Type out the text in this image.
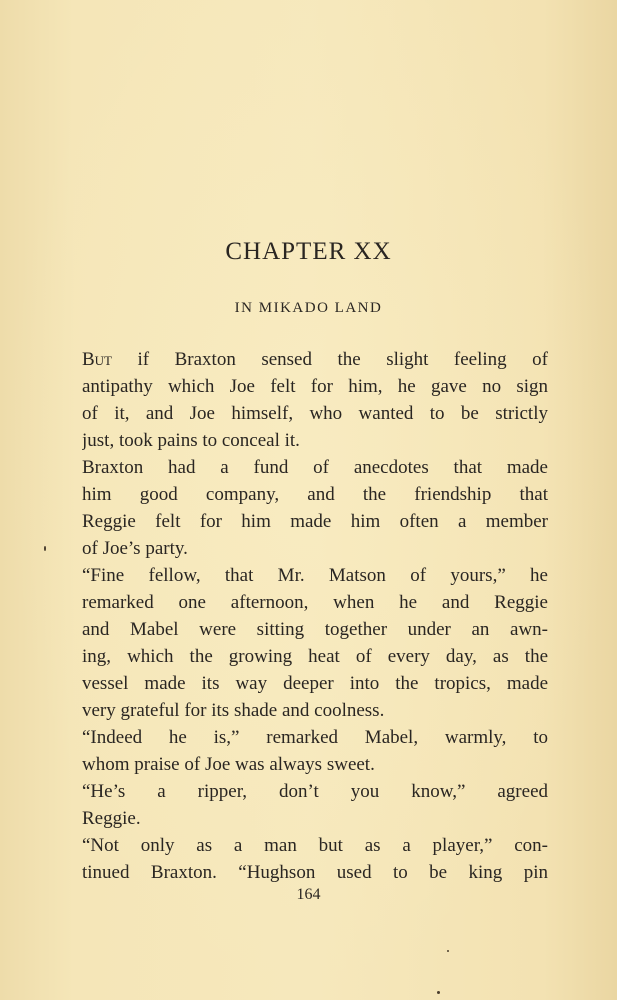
CHAPTER XX
IN MIKADO LAND
But if Braxton sensed the slight feeling of
antipathy which Joe felt for him, he gave no sign
of it, and Joe himself, who wanted to be strictly
just, took pains to conceal it.
Braxton had a fund of anecdotes that made
him good company, and the friendship that
Reggie felt for him made him often a member
of Joe’s party.
“Fine fellow, that Mr. Matson of yours,” he
remarked one afternoon, when he and Reggie
and Mabel were sitting together under an awn-
ing, which the growing heat of every day, as the
vessel made its way deeper into the tropics, made
very grateful for its shade and coolness.
“Indeed he is,” remarked Mabel, warmly, to
whom praise of Joe was always sweet.
“He’s a ripper, don’t you know,” agreed
Reggie.
“Not only as a man but as a player,” con-
tinued Braxton. “Hughson used to be king pin
164
